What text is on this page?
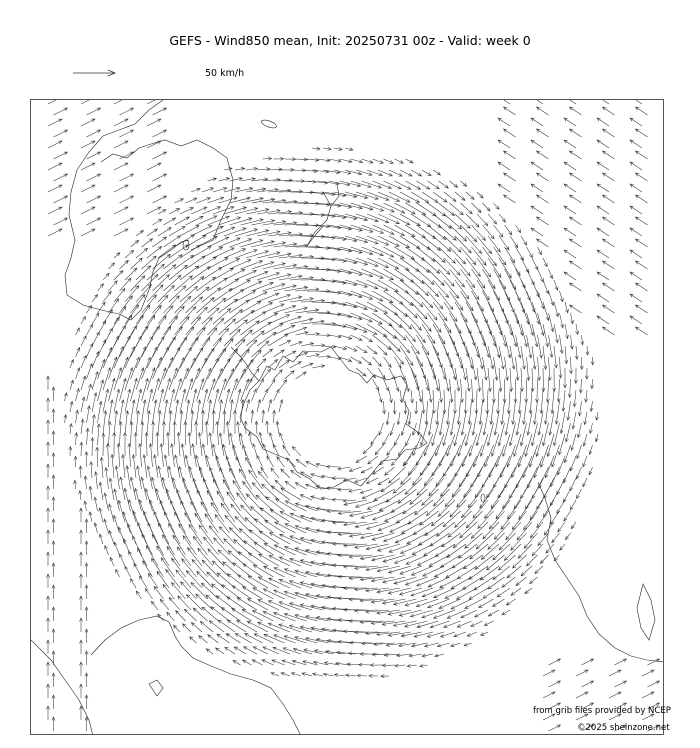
GEFS - Wind850 mean, Init: 20250731 00z - Valid: week 0
50 km/h
from grib files provided by NCEP
©2025 sheinzone.net
